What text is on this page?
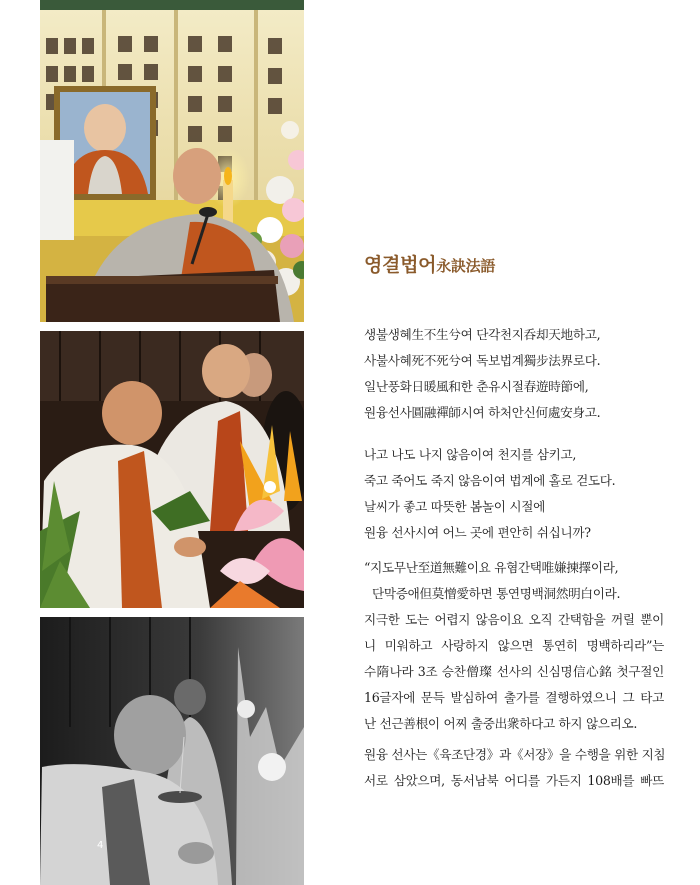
4
영결법어永訣法語
생불생혜生不生兮여 단각천지呑却天地하고,
사불사혜死不死兮여 독보법계獨步法界로다.
일난풍화日暖風和한 춘유시절春遊時節에,
원융선사圓融禪師시여 하처안신何處安身고.
나고 나도 나지 않음이여 천지를 삼키고,
죽고 죽어도 죽지 않음이여 법계에 홀로 걷도다.
날씨가 좋고 따뜻한 봄놀이 시절에
원융 선사시여 어느 곳에 편안히 쉬십니까?
“지도무난至道無難이요 유혐간택唯嫌揀擇이라,
단막증애但莫憎愛하면 통연명백洞然明白이라.
지극한 도는 어렵지 않음이요 오직 간택함을 꺼릴 뿐이
니 미워하고 사랑하지 않으면 통연히 명백하리라”는
수隋나라 3조 승찬僧璨 선사의 신심명信心銘 첫구절인
16글자에 문득 발심하여 출가를 결행하였으니 그 타고
난 선근善根이 어찌 출중出衆하다고 하지 않으리오.
원융 선사는《육조단경》과《서장》을 수행을 위한 지침
서로 삼았으며, 동서남북 어디를 가든지 108배를 빠뜨
